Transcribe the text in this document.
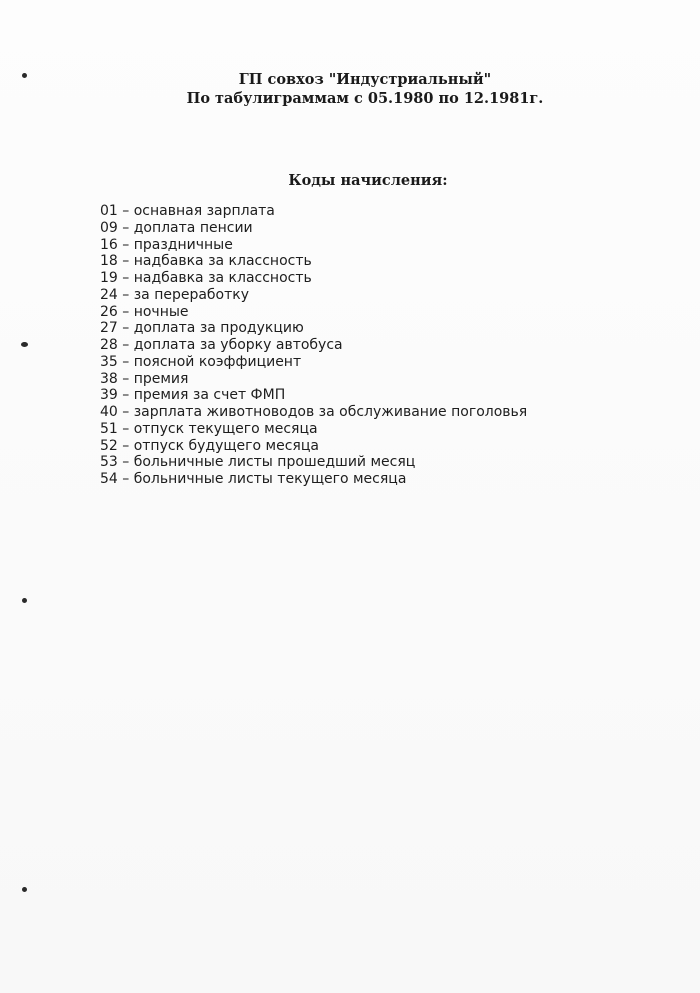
ГП совхоз "Индустриальный"
По табулиграммам с 05.1980 по 12.1981г.
Коды начисления:
01 – оснавная зарплата
09 – доплата пенсии
16 – праздничные
18 – надбавка за классность
19 – надбавка за классность
24 – за переработку
26 – ночные
27 – доплата за продукцию
28 – доплата за уборку автобуса
35 – поясной коэффициент
38 – премия
39 – премия за счет ФМП
40 – зарплата животноводов за обслуживание поголовья
51 – отпуск текущего месяца
52 – отпуск будущего месяца
53 – больничные листы прошедший месяц
54 – больничные листы текущего месяца
